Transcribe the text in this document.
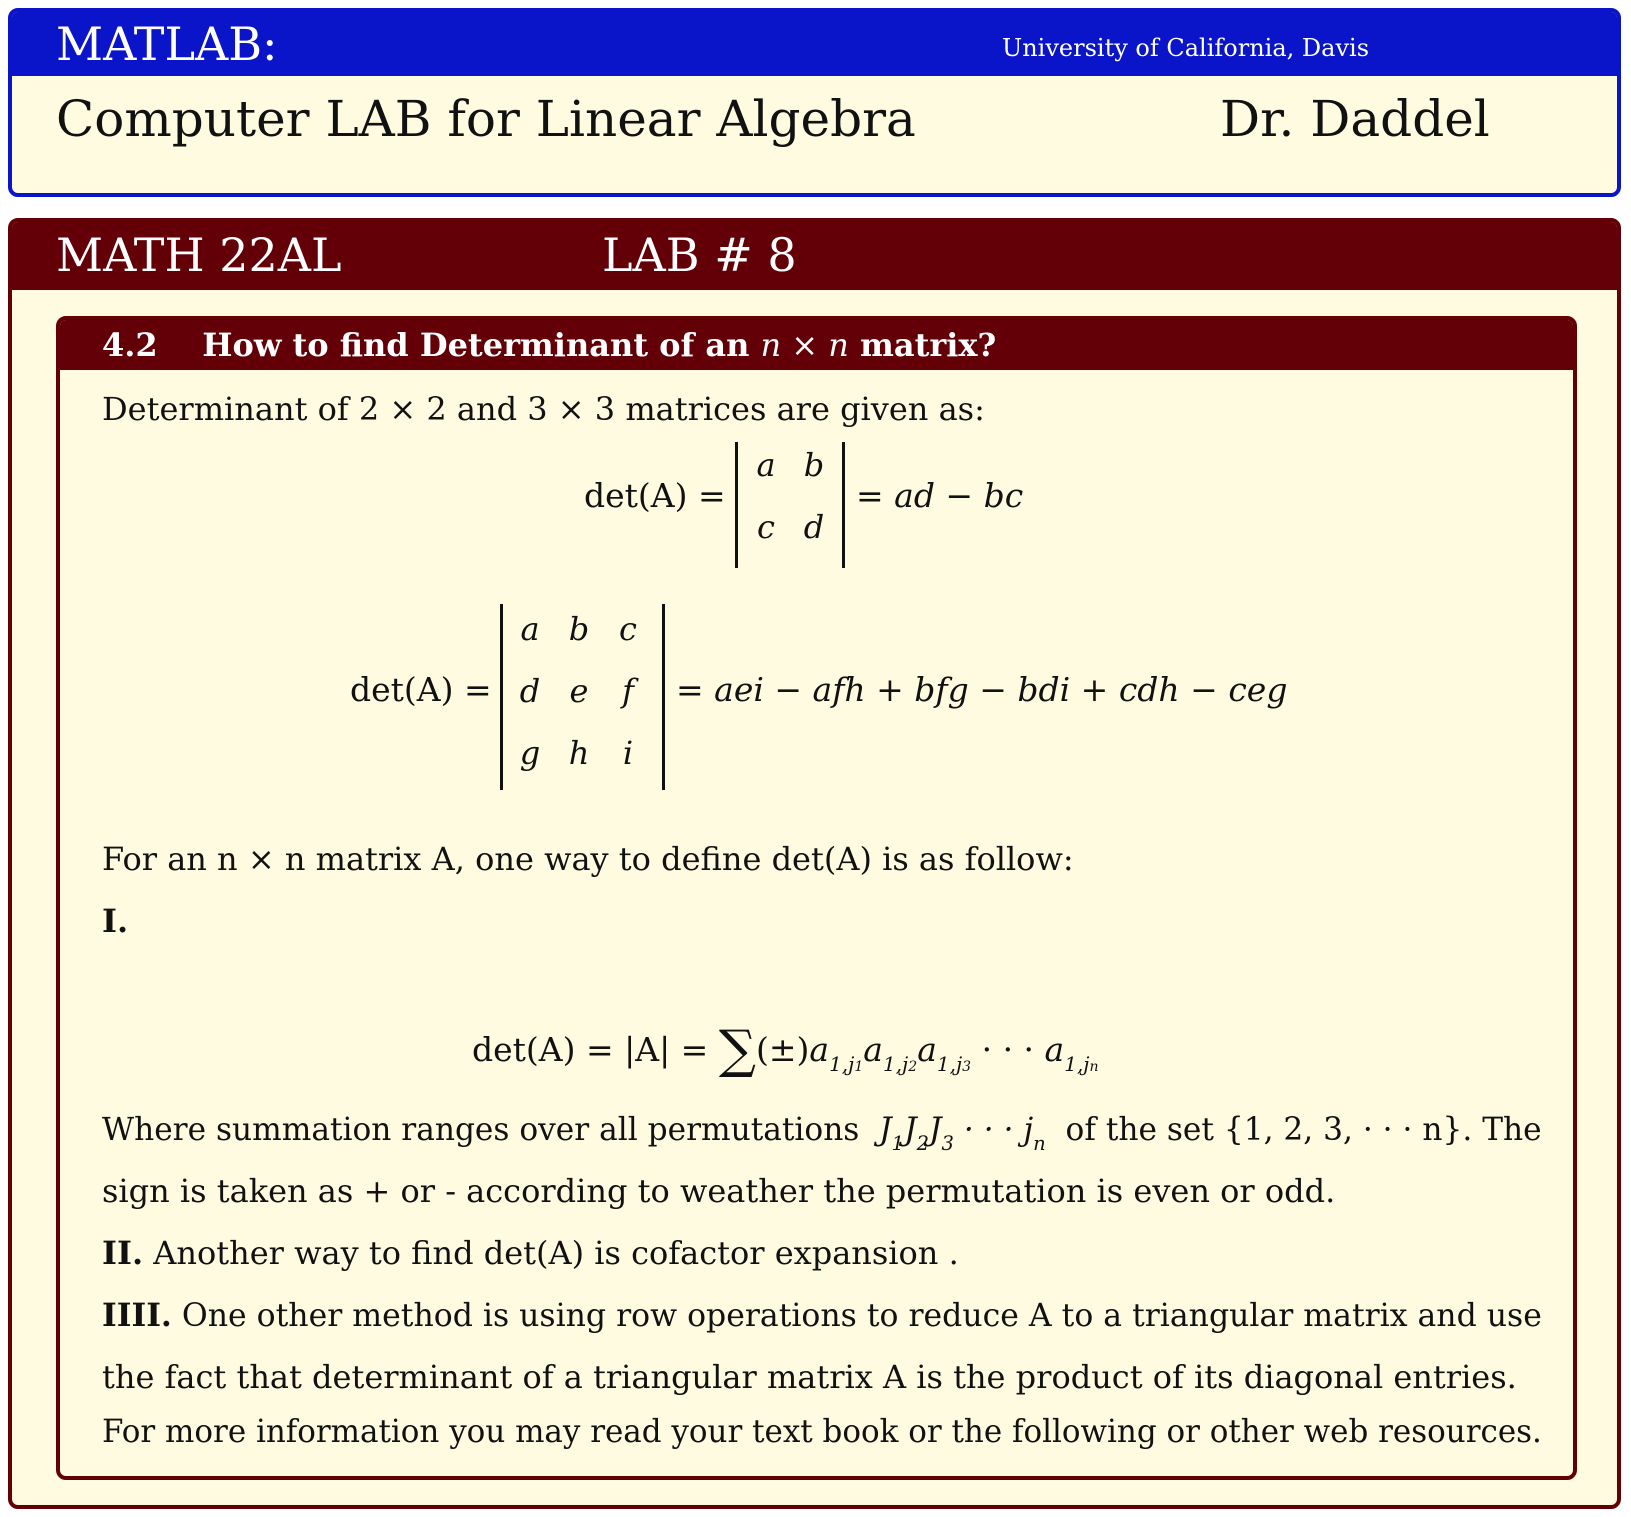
MATLAB:	University of California, Davis
Computer LAB for Linear Algebra	Dr. Daddel
MATH 22AL	LAB # 8
4.2 How to find Determinant of an n × n matrix?
Determinant of 2 × 2 and 3 × 3 matrices are given as:
det(A) =
a b
c d
= ad − bc
det(A) =
a b c
d e	f
g h	i
= aei − afh + bfg − bdi + cdh − ceg
For an n × n matrix A, one way to define det(A) is as follow:
I.
$\det(A) = |A| = \sum(\pm)a_{1,j1}a_{1,j2}a_{1,j3}$ · · · $a_{1,jn}$
Where summation ranges over all permutations  $J_1J_2J_3$ · · · $j_n$ of the set {1, 2, 3, · · · n}. The
sign is taken as + or - according to weather the permutation is even or odd.
II. Another way to find det(A) is cofactor expansion .
IIII. One other method is using row operations to reduce A to a triangular matrix and use
the fact that determinant of a triangular matrix A is the product of its diagonal entries.
For more information you may read your text book or the following or other web resources.
